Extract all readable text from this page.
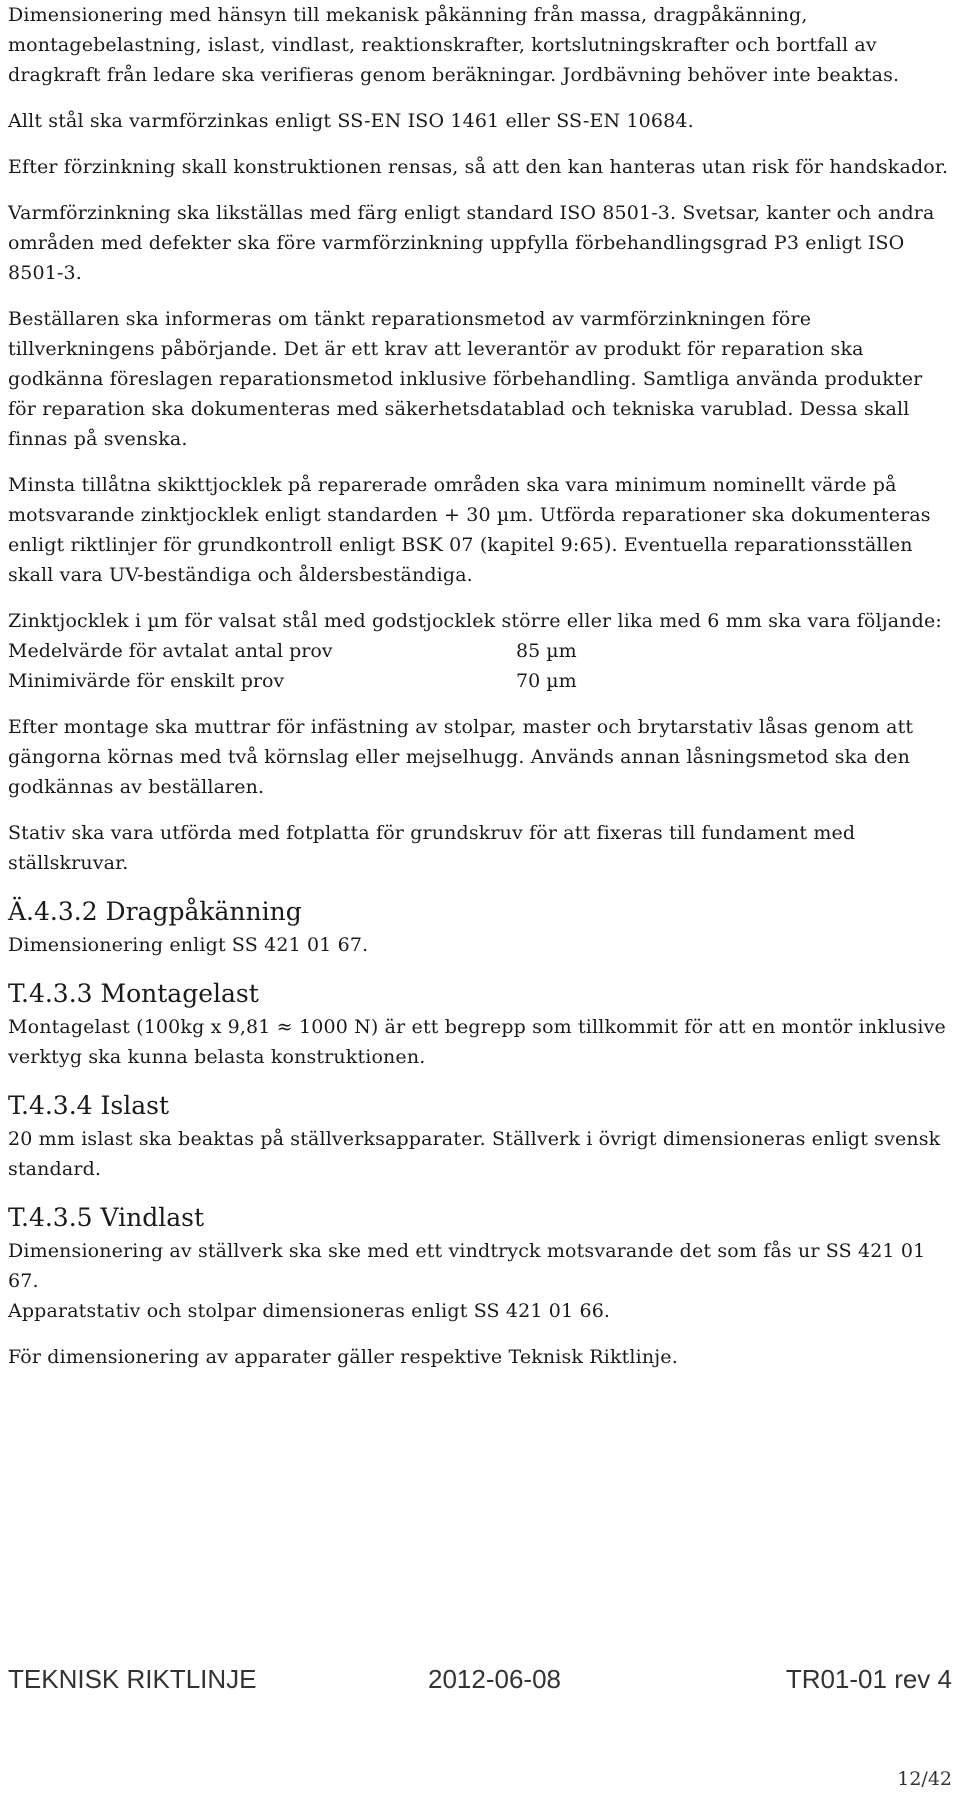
Dimensionering med hänsyn till mekanisk påkänning från massa, dragpåkänning, montagebelastning, islast, vindlast, reaktionskrafter, kortslutningskrafter och bortfall av dragkraft från ledare ska verifieras genom beräkningar. Jordbävning behöver inte beaktas.

Allt stål ska varmförzinkas enligt SS-EN ISO 1461 eller SS-EN 10684.

Efter förzinkning skall konstruktionen rensas, så att den kan hanteras utan risk för handskador.

Varmförzinkning ska likställas med färg enligt standard ISO 8501-3. Svetsar, kanter och andra områden med defekter ska före varmförzinkning uppfylla förbehandlingsgrad P3 enligt ISO 8501-3.

Beställaren ska informeras om tänkt reparationsmetod av varmförzinkningen före tillverkningens påbörjande. Det är ett krav att leverantör av produkt för reparation ska godkänna föreslagen reparationsmetod inklusive förbehandling. Samtliga använda produkter för reparation ska dokumenteras med säkerhetsdatablad och tekniska varublad. Dessa skall finnas på svenska.

Minsta tillåtna skikttjocklek på reparerade områden ska vara minimum nominellt värde på motsvarande zinktjocklek enligt standarden + 30 µm. Utförda reparationer ska dokumenteras enligt riktlinjer för grundkontroll enligt BSK 07 (kapitel 9:65). Eventuella reparationsställen skall vara UV-beständiga och åldersbeständiga.

Zinktjocklek i µm för valsat stål med godstjocklek större eller lika med 6 mm ska vara följande:

Medelvärde för avtalat antal prov	85 µm
Minimivärde för enskilt prov	70 µm

Efter montage ska muttrar för infästning av stolpar, master och brytarstativ låsas genom att gängorna körnas med två körnslag eller mejselhugg. Används annan låsningsmetod ska den godkännas av beställaren.

Stativ ska vara utförda med fotplatta för grundskruv för att fixeras till fundament med ställskruvar.

Ä.4.3.2 Dragpåkänning

Dimensionering enligt SS 421 01 67.

T.4.3.3 Montagelast

Montagelast (100kg x 9,81 ≈ 1000 N) är ett begrepp som tillkommit för att en montör inklusive verktyg ska kunna belasta konstruktionen.

T.4.3.4 Islast

20 mm islast ska beaktas på ställverksapparater. Ställverk i övrigt dimensioneras enligt svensk standard.

T.4.3.5 Vindlast

Dimensionering av ställverk ska ske med ett vindtryck motsvarande det som fås ur SS 421 01 67.

Apparatstativ och stolpar dimensioneras enligt SS 421 01 66.

För dimensionering av apparater gäller respektive Teknisk Riktlinje.

TEKNISK RIKTLINJE	2012-06-08	TR01-01 rev 4
12/42
